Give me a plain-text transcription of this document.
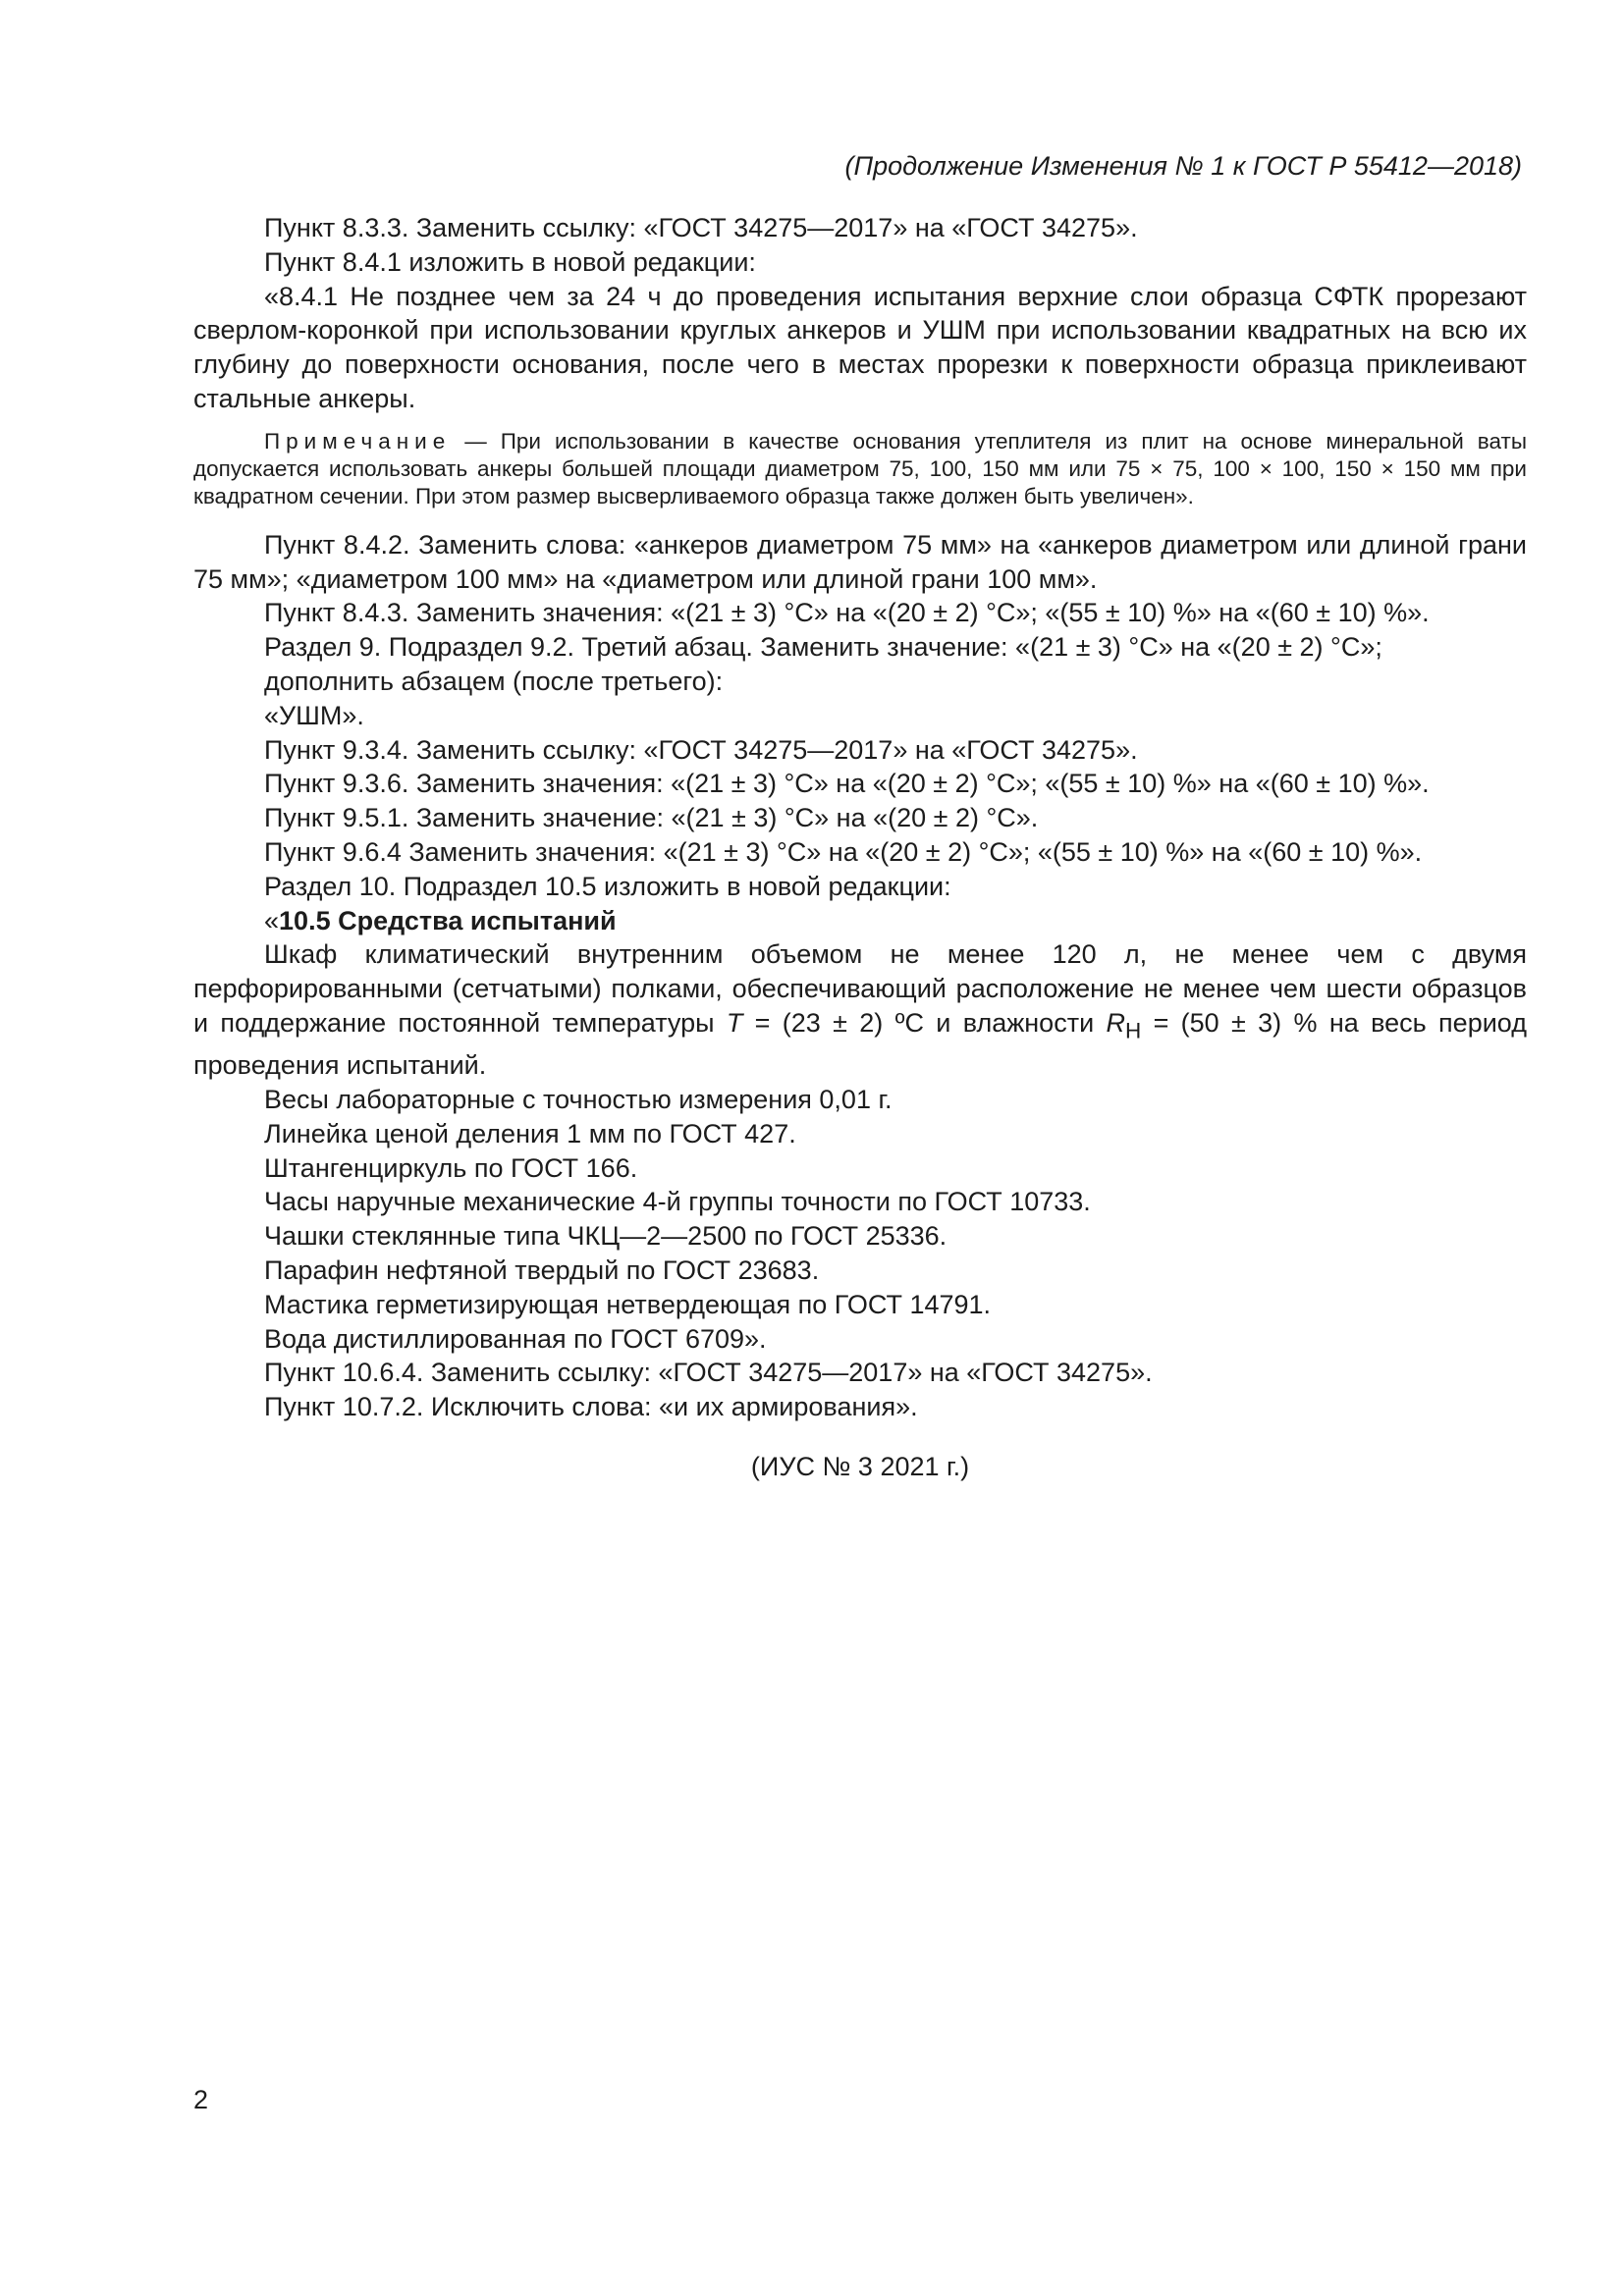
(Продолжение Изменения № 1 к ГОСТ Р 55412—2018)

Пункт 8.3.3. Заменить ссылку: «ГОСТ 34275—2017» на «ГОСТ 34275».

Пункт 8.4.1 изложить в новой редакции:

«8.4.1 Не позднее чем за 24 ч до проведения испытания верхние слои образца СФТК прорезают сверлом-коронкой при использовании круглых анкеров и УШМ при использовании квадратных на всю их глубину до поверхности основания, после чего в местах прорезки к поверхности образца приклеивают стальные анкеры.

Примечание — При использовании в качестве основания утеплителя из плит на основе минеральной ваты допускается использовать анкеры большей площади диаметром 75, 100, 150 мм или 75 × 75, 100 × 100, 150 × 150 мм при квадратном сечении. При этом размер высверливаемого образца также должен быть увеличен».

Пункт 8.4.2. Заменить слова: «анкеров диаметром 75 мм» на «анкеров диаметром или длиной грани 75 мм»; «диаметром 100 мм» на «диаметром или длиной грани 100 мм».

Пункт 8.4.3. Заменить значения: «(21 ± 3) °С» на «(20 ± 2) °С»; «(55 ± 10) %» на «(60 ± 10) %».

Раздел 9. Подраздел 9.2. Третий абзац. Заменить значение: «(21 ± 3) °С» на «(20 ± 2) °С»;

дополнить абзацем (после третьего):

«УШМ».

Пункт 9.3.4. Заменить ссылку: «ГОСТ 34275—2017» на «ГОСТ 34275».

Пункт 9.3.6. Заменить значения: «(21 ± 3) °С» на «(20 ± 2) °С»; «(55 ± 10) %» на «(60 ± 10) %».

Пункт 9.5.1. Заменить значение: «(21 ± 3) °С» на «(20 ± 2) °С».

Пункт 9.6.4 Заменить значения: «(21 ± 3) °С» на «(20 ± 2) °С»; «(55 ± 10) %» на «(60 ± 10) %».

Раздел 10. Подраздел 10.5 изложить в новой редакции:

«10.5 Средства испытаний

Шкаф климатический внутренним объемом не менее 120 л, не менее чем с двумя перфорированными (сетчатыми) полками, обеспечивающий расположение не менее чем шести образцов и поддержание постоянной температуры T = (23 ± 2) ºС и влажности $R_H = (50 \pm 3)$ % на весь период проведения испытаний.

Весы лабораторные с точностью измерения 0,01 г.

Линейка ценой деления 1 мм по ГОСТ 427.

Штангенциркуль по ГОСТ 166.

Часы наручные механические 4-й группы точности по ГОСТ 10733.

Чашки стеклянные типа ЧКЦ—2—2500 по ГОСТ 25336.

Парафин нефтяной твердый по ГОСТ 23683.

Мастика герметизирующая нетвердеющая по ГОСТ 14791.

Вода дистиллированная по ГОСТ 6709».

Пункт 10.6.4. Заменить ссылку: «ГОСТ 34275—2017» на «ГОСТ 34275».

Пункт 10.7.2. Исключить слова: «и их армирования».

(ИУС № 3 2021 г.)

2
